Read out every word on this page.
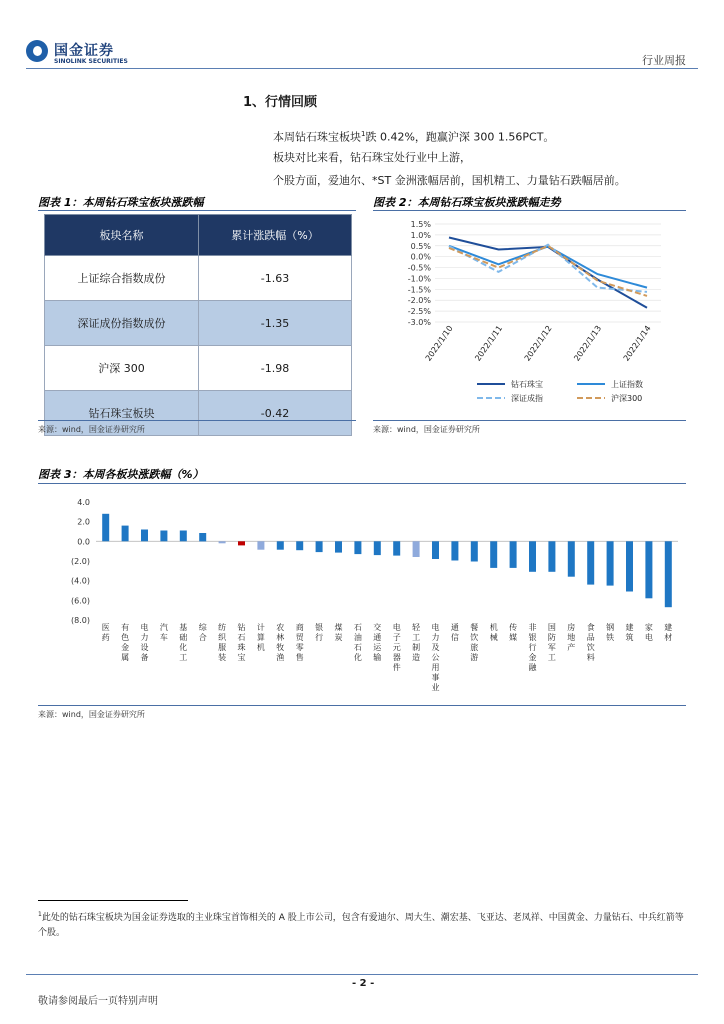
国金证券
SINOLINK SECURITIES	行业周报
1、行情回顾
本周钻石珠宝板块$^1$跌 0.42%，跑赢沪深 300 1.56PCT。
板块对比来看，钻石珠宝处行业中上游，
个股方面，爱迪尔、*ST 金洲涨幅居前，国机精工、力量钻石跌幅居前。
图表 1：本周钻石珠宝板块涨跌幅
板块名称	累计涨跌幅（%）
上证综合指数成份	-1.63
深证成份指数成份	-1.35
沪深 300	-1.98
钻石珠宝板块	-0.42
来源：wind，国金证券研究所
图表 2：本周钻石珠宝板块涨跌幅走势
1.5%
1.0%
0.5%
0.0%
-0.5%
-1.0%
-1.5%
-2.0%
-2.5%
-3.0%
2022/1/10 2022/1/11 2022/1/12 2022/1/13 2022/1/14
钻石珠宝	上证指数
深证成指	沪深300
来源：wind，国金证券研究所
图表 3：本周各板块涨跌幅（%）
4.0
2.0
0.0
(2.0)
(4.0)
(6.0)
(8.0)
医药
有色金属
电力设备
汽车
基础化工
综合
纺织服装
钻石珠宝
计算机
农林牧渔
商贸零售
银行
煤炭
石油石化
交通运输
电子元器件
轻工制造
电力及公用事业
通信
餐饮旅游
机械
传媒
非银行金融
国防军工
房地产
食品饮料
钢铁
建筑
家电
建材
来源：wind，国金证券研究所
$^1$此处的钻石珠宝板块为国金证券选取的主业珠宝首饰相关的 A 股上市公司，包含有爱迪尔、周大生、潮宏基、飞亚达、老凤祥、中国黄金、力量钻石、中兵红箭等个股。
- 2 -
敬请参阅最后一页特别声明
